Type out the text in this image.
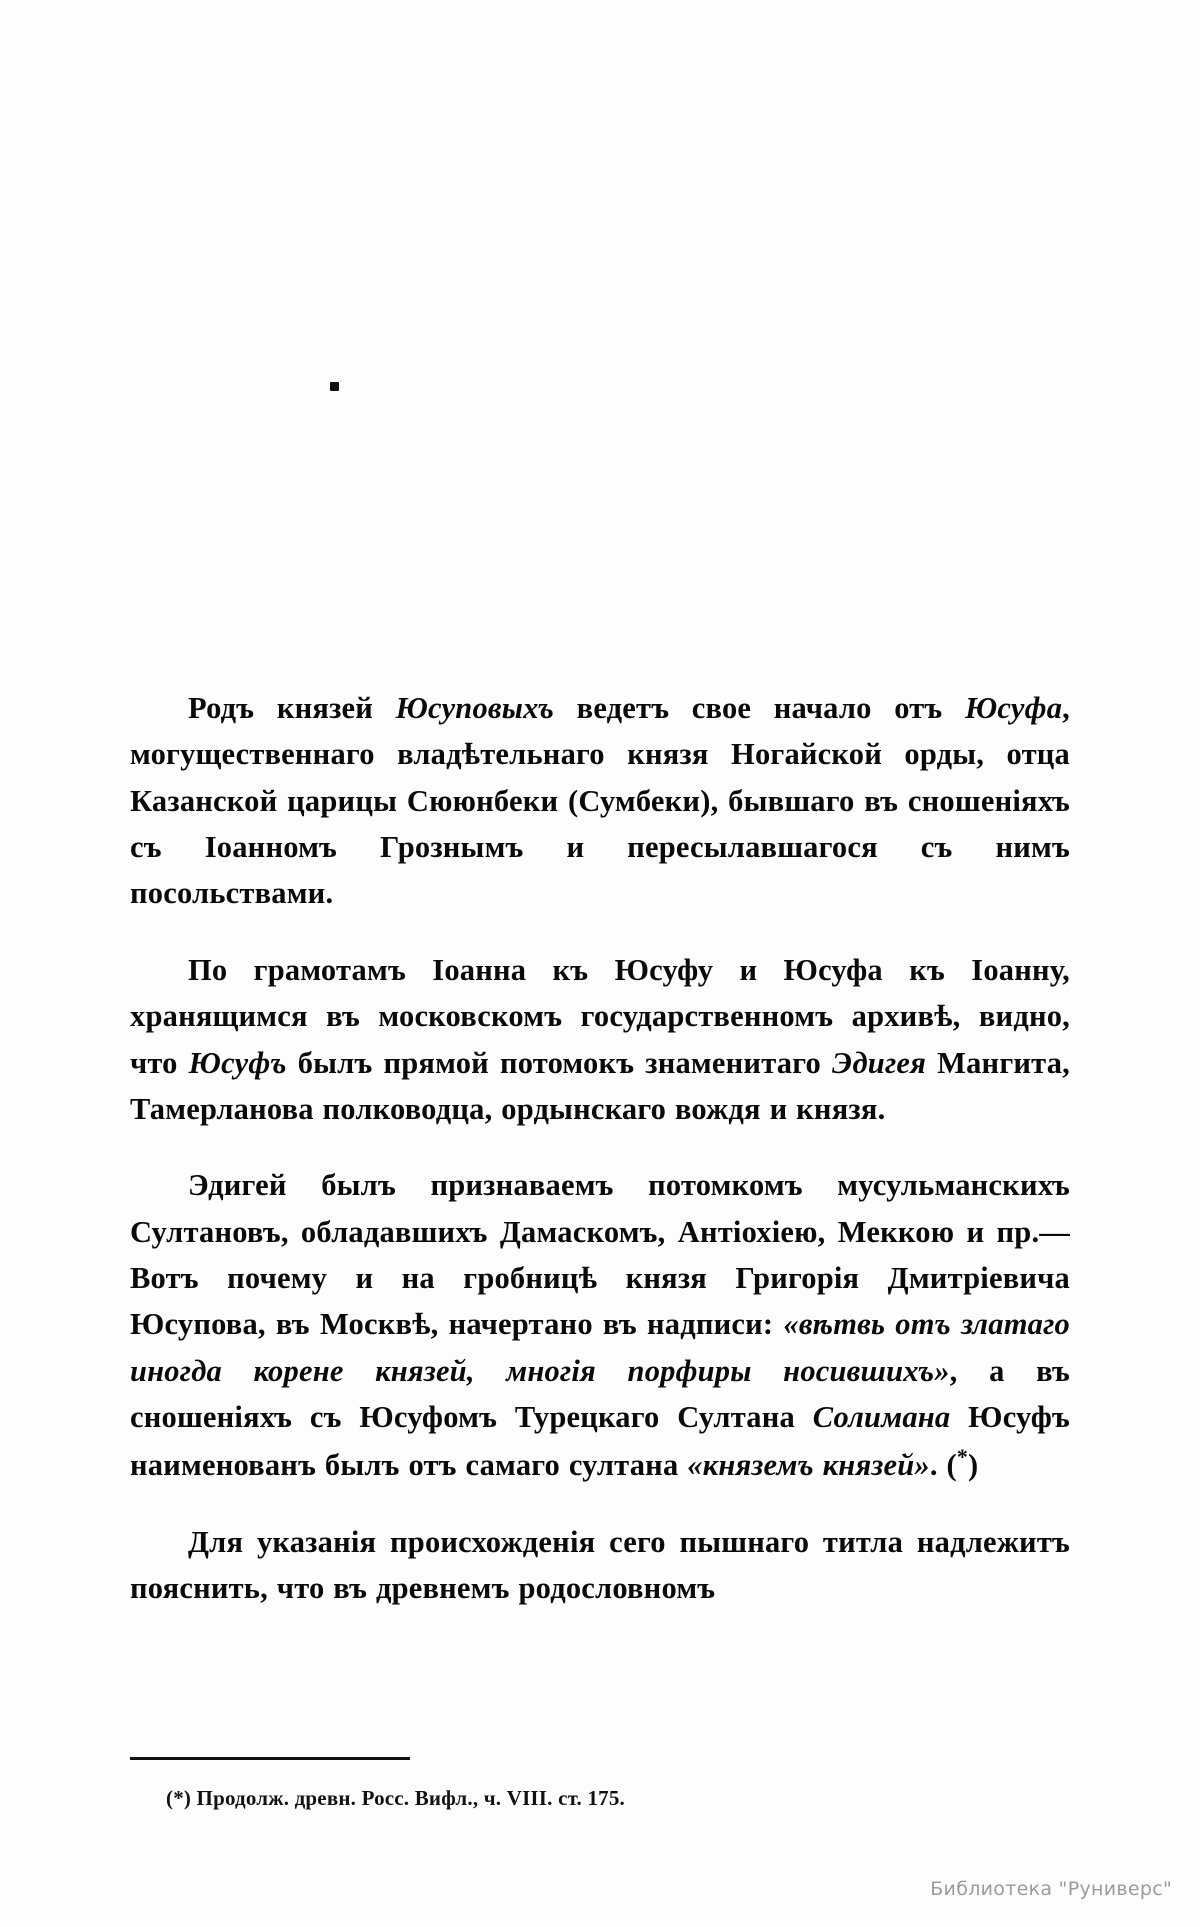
Родъ князей Юсуповыхъ ведетъ свое начало отъ Юсуфа, могущественнаго владѣтельнаго князя Ногайской орды, отца Казанской царицы Сююнбеки (Сумбеки), бывшаго въ сношеніяхъ съ Іоанномъ Грознымъ и пересылавшагося съ нимъ посольствами.

По грамотамъ Іоанна къ Юсуфу и Юсуфа къ Іоанну, хранящимся въ московскомъ государственномъ архивѣ, видно, что Юсуфъ былъ прямой потомокъ знаменитаго Эдигея Мангита, Тамерланова полководца, ордынскаго вождя и князя.

Эдигей былъ признаваемъ потомкомъ мусульманскихъ Султановъ, обладавшихъ Дамаскомъ, Антіохіею, Меккою и пр.—Вотъ почему и на гробницѣ князя Григорія Дмитріевича Юсупова, въ Москвѣ, начертано въ надписи: «вѣтвь отъ златаго иногда корене князей, многія порфиры носившихъ», а въ сношеніяхъ съ Юсуфомъ Турецкаго Султана Солимана Юсуфъ наименованъ былъ отъ самаго султана «княземъ князей». (*)

Для указанія происхожденія сего пышнаго титла надлежитъ пояснить, что въ древнемъ родословномъ

(*) Продолж. древн. Росс. Вифл., ч. VIII. ст. 175.
Библиотека "Руниверс"
